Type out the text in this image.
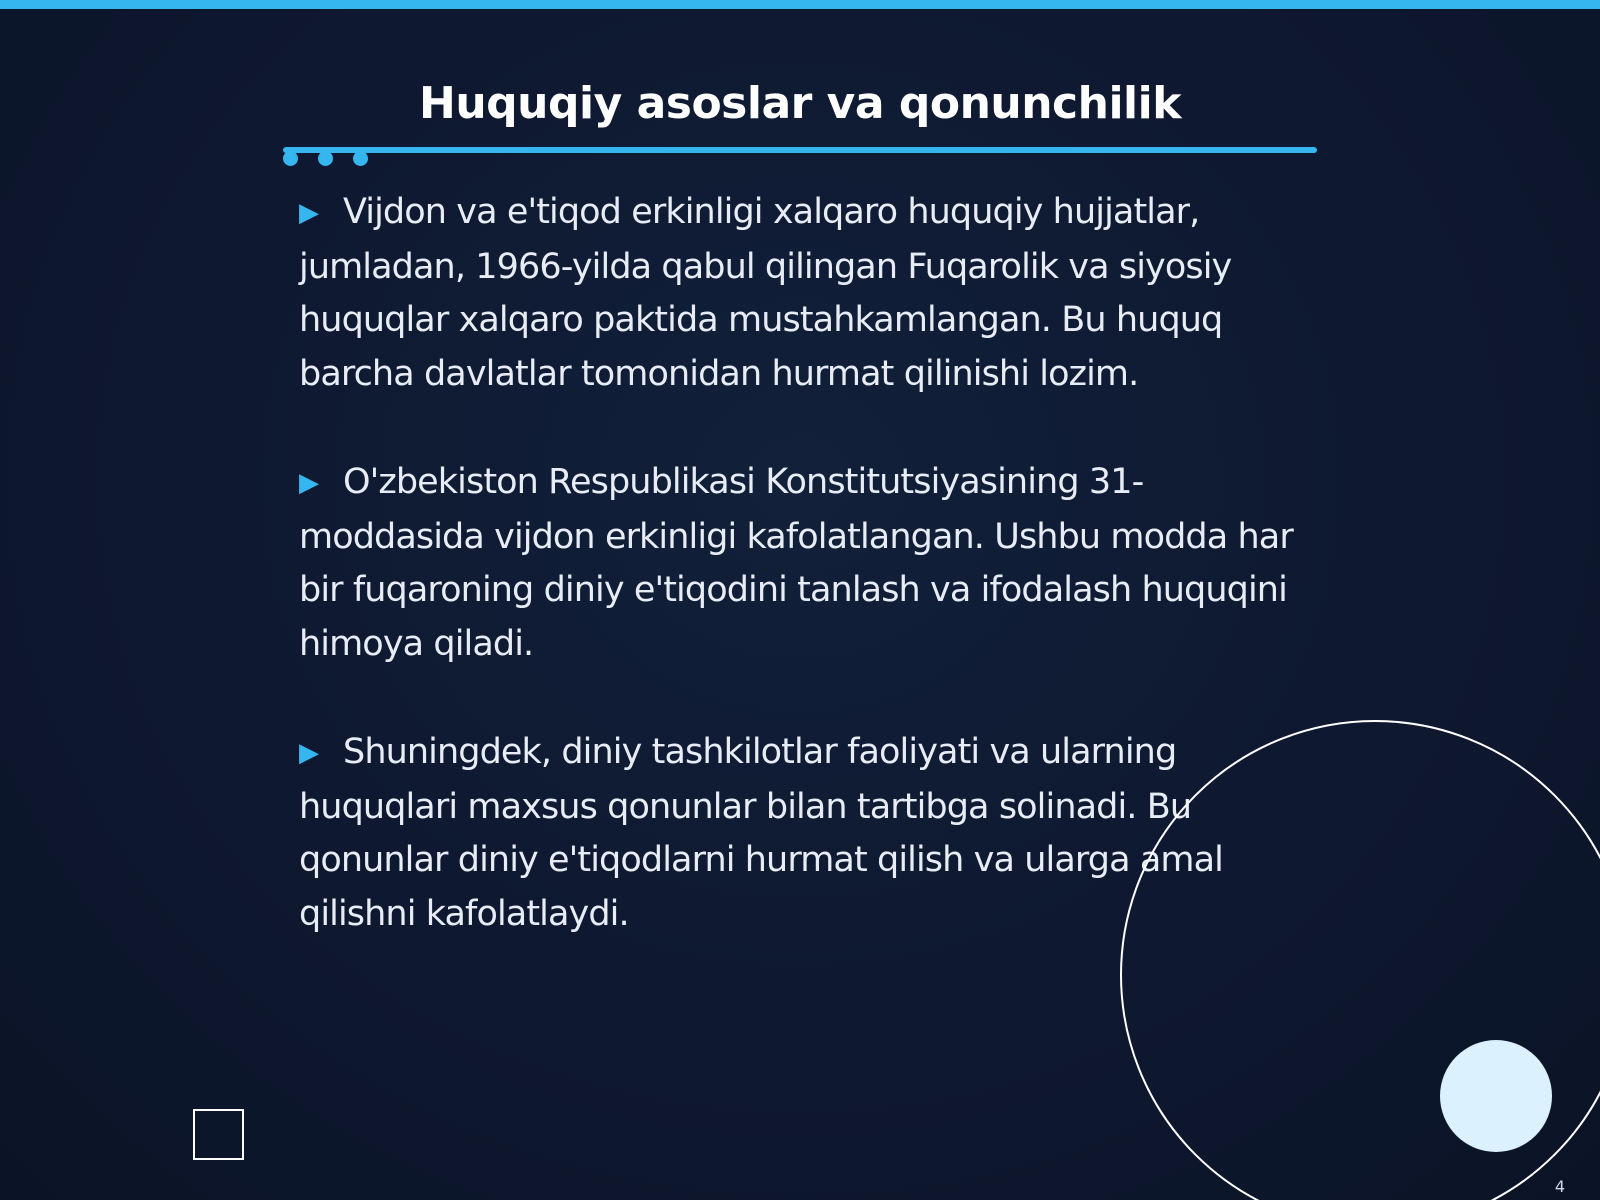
Huquqiy asoslar va qonunchilik

▶ Vijdon va e'tiqod erkinligi xalqaro huquqiy hujjatlar, jumladan, 1966-yilda qabul qilingan Fuqarolik va siyosiy huquqlar xalqaro paktida mustahkamlangan. Bu huquq barcha davlatlar tomonidan hurmat qilinishi lozim.

▶ O'zbekiston Respublikasi Konstitutsiyasining 31-moddasida vijdon erkinligi kafolatlangan. Ushbu modda har bir fuqaroning diniy e'tiqodini tanlash va ifodalash huquqini himoya qiladi.

▶ Shuningdek, diniy tashkilotlar faoliyati va ularning huquqlari maxsus qonunlar bilan tartibga solinadi. Bu qonunlar diniy e'tiqodlarni hurmat qilish va ularga amal qilishni kafolatlaydi.

4
